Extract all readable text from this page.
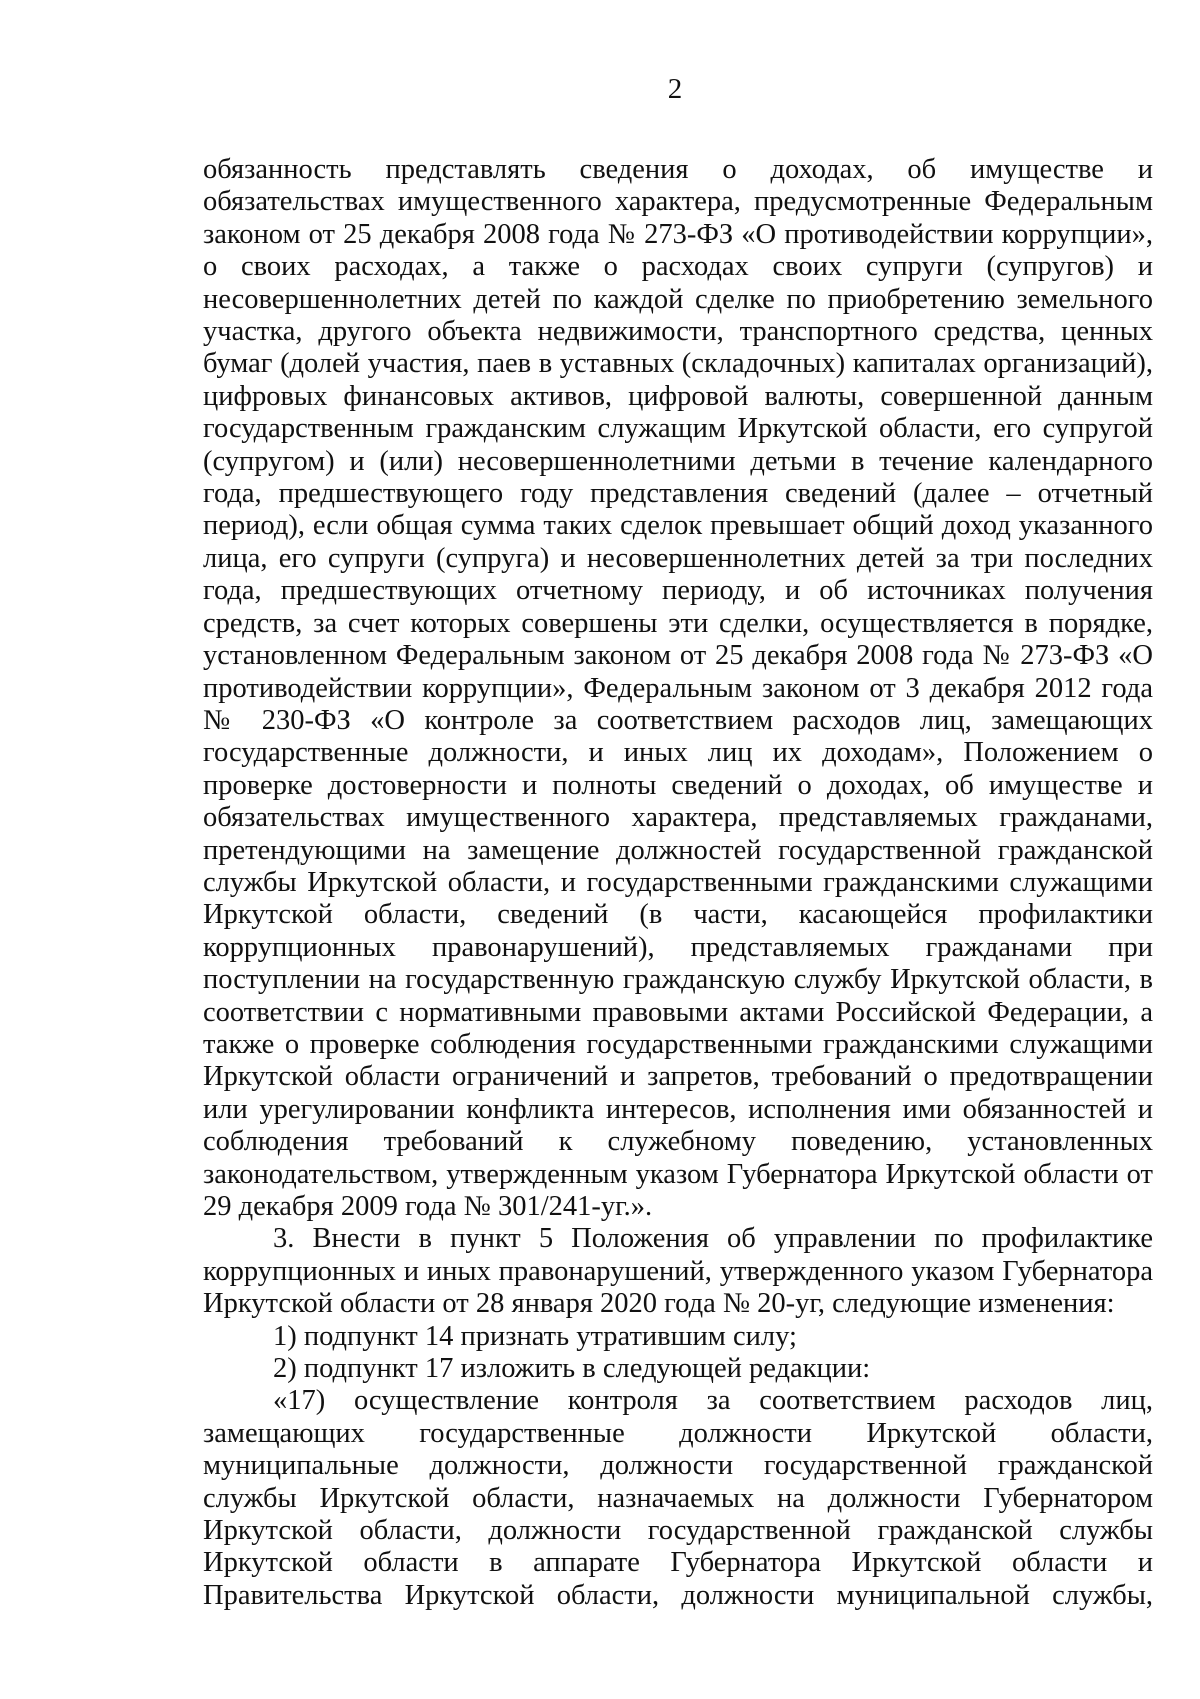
2

обязанность представлять сведения о доходах, об имуществе и обязательствах имущественного характера, предусмотренные Федеральным законом от 25 декабря 2008 года № 273-ФЗ «О противодействии коррупции», о своих расходах, а также о расходах своих супруги (супругов) и несовершеннолетних детей по каждой сделке по приобретению земельного участка, другого объекта недвижимости, транспортного средства, ценных бумаг (долей участия, паев в уставных (складочных) капиталах организаций), цифровых финансовых активов, цифровой валюты, совершенной данным государственным гражданским служащим Иркутской области, его супругой (супругом) и (или) несовершеннолетними детьми в течение календарного года, предшествующего году представления сведений (далее – отчетный период), если общая сумма таких сделок превышает общий доход указанного лица, его супруги (супруга) и несовершеннолетних детей за три последних года, предшествующих отчетному периоду, и об источниках получения средств, за счет которых совершены эти сделки, осуществляется в порядке, установленном Федеральным законом от 25 декабря 2008 года № 273-ФЗ «О противодействии коррупции», Федеральным законом от 3 декабря 2012 года № 230-ФЗ «О контроле за соответствием расходов лиц, замещающих государственные должности, и иных лиц их доходам», Положением о проверке достоверности и полноты сведений о доходах, об имуществе и обязательствах имущественного характера, представляемых гражданами, претендующими на замещение должностей государственной гражданской службы Иркутской области, и государственными гражданскими служащими Иркутской области, сведений (в части, касающейся профилактики коррупционных правонарушений), представляемых гражданами при поступлении на государственную гражданскую службу Иркутской области, в соответствии с нормативными правовыми актами Российской Федерации, а также о проверке соблюдения государственными гражданскими служащими Иркутской области ограничений и запретов, требований о предотвращении или урегулировании конфликта интересов, исполнения ими обязанностей и соблюдения требований к служебному поведению, установленных законодательством, утвержденным указом Губернатора Иркутской области от 29 декабря 2009 года № 301/241-уг.».

3. Внести в пункт 5 Положения об управлении по профилактике коррупционных и иных правонарушений, утвержденного указом Губернатора Иркутской области от 28 января 2020 года № 20-уг, следующие изменения:

1) подпункт 14 признать утратившим силу;

2) подпункт 17 изложить в следующей редакции:

«17) осуществление контроля за соответствием расходов лиц, замещающих государственные должности Иркутской области, муниципальные должности, должности государственной гражданской службы Иркутской области, назначаемых на должности Губернатором Иркутской области, должности государственной гражданской службы Иркутской области в аппарате Губернатора Иркутской области и Правительства Иркутской области, должности муниципальной службы,
